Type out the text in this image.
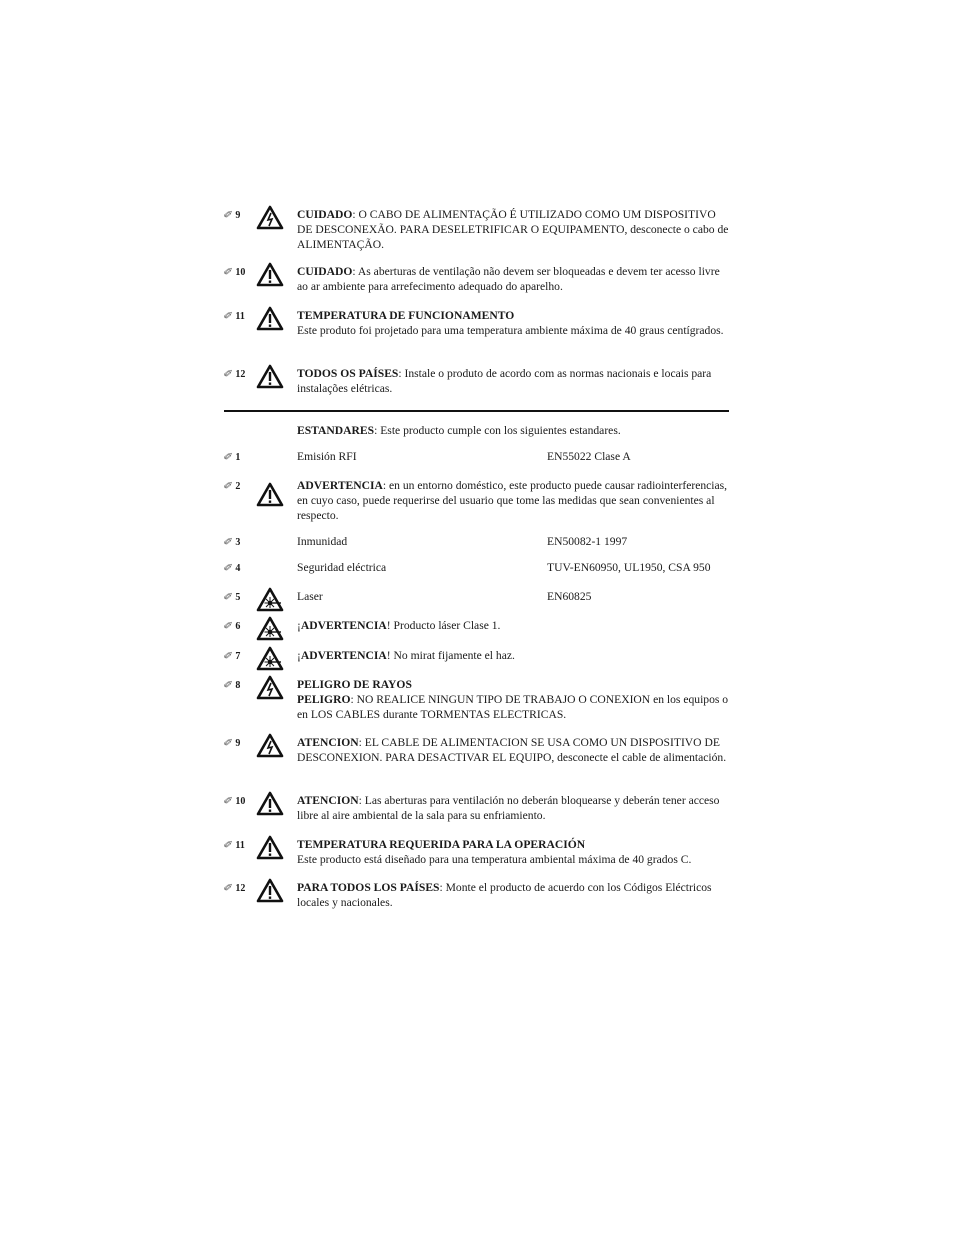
✐ 9	CUIDADO: O CABO DE ALIMENTAÇÃO É UTILIZADO COMO UM DISPOSITIVO DE DESCONEXÃO. PARA DESELETRIFICAR O EQUIPAMENTO, desconecte o cabo de ALIMENTAÇÃO.
✐ 10	CUIDADO: As aberturas de ventilação não devem ser bloqueadas e devem ter acesso livre ao ar ambiente para arrefecimento adequado do aparelho.
✐ 11	TEMPERATURA DE FUNCIONAMENTO
Este produto foi projetado para uma temperatura ambiente máxima de 40 graus centígrados.
✐ 12	TODOS OS PAÍSES: Instale o produto de acordo com as normas nacionais e locais para instalações elétricas.
ESTANDARES: Este producto cumple con los siguientes estandares.
✐ 1	Emisión RFI	EN55022 Clase A
✐ 2	ADVERTENCIA: en un entorno doméstico, este producto puede causar radiointerferencias, en cuyo caso, puede requerirse del usuario que tome las medidas que sean convenientes al respecto.
✐ 3	Inmunidad	EN50082-1 1997
✐ 4	Seguridad eléctrica	TUV-EN60950, UL1950, CSA 950
✐ 5	Laser	EN60825
✐ 6	¡ADVERTENCIA! Producto láser Clase 1.
✐ 7	¡ADVERTENCIA! No mirat fijamente el haz.
✐ 8	PELIGRO DE RAYOS
PELIGRO: NO REALICE NINGUN TIPO DE TRABAJO O CONEXION en los equipos o en LOS CABLES durante TORMENTAS ELECTRICAS.
✐ 9	ATENCION: EL CABLE DE ALIMENTACION SE USA COMO UN DISPOSITIVO DE DESCONEXION. PARA DESACTIVAR EL EQUIPO, desconecte el cable de alimentación.
✐ 10	ATENCION: Las aberturas para ventilación no deberán bloquearse y deberán tener acceso libre al aire ambiental de la sala para su enfriamiento.
✐ 11	TEMPERATURA REQUERIDA PARA LA OPERACIÓN
Este producto está diseñado para una temperatura ambiental máxima de 40 grados C.
✐ 12	PARA TODOS LOS PAÍSES: Monte el producto de acuerdo con los Códigos Eléctricos locales y nacionales.
